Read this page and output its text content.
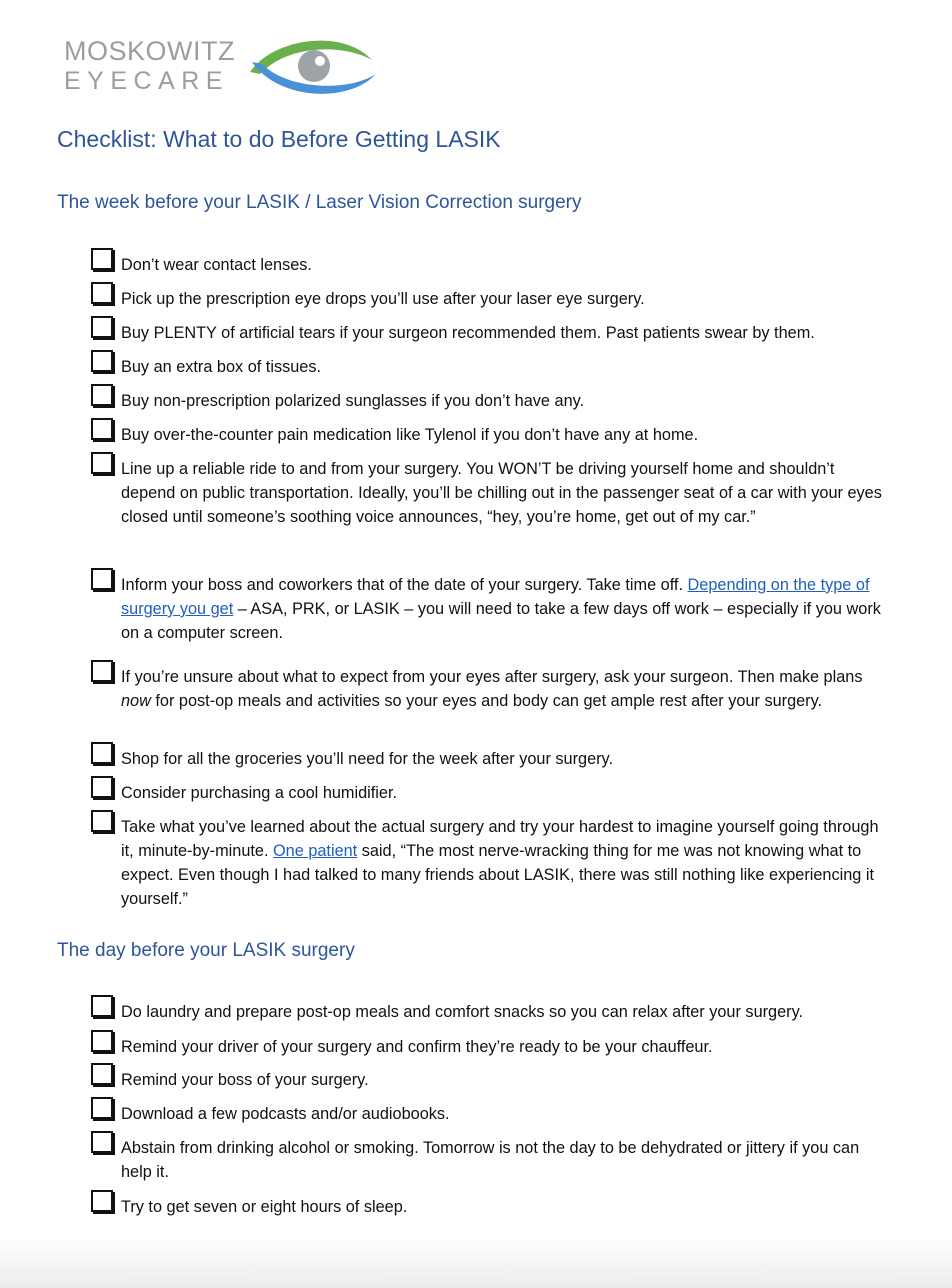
MOSKOWITZ
EYECARE
Checklist: What to do Before Getting LASIK
The week before your LASIK / Laser Vision Correction surgery
Don’t wear contact lenses.
Pick up the prescription eye drops you’ll use after your laser eye surgery.
Buy PLENTY of artificial tears if your surgeon recommended them. Past patients swear by them.
Buy an extra box of tissues.
Buy non-prescription polarized sunglasses if you don’t have any.
Buy over-the-counter pain medication like Tylenol if you don’t have any at home.
Line up a reliable ride to and from your surgery. You WON’T be driving yourself home and shouldn’t depend on public transportation. Ideally, you’ll be chilling out in the passenger seat of a car with your eyes closed until someone’s soothing voice announces, “hey, you’re home, get out of my car.”
Inform your boss and coworkers that of the date of your surgery. Take time off. Depending on the type of surgery you get – ASA, PRK, or LASIK – you will need to take a few days off work – especially if you work on a computer screen.
If you’re unsure about what to expect from your eyes after surgery, ask your surgeon. Then make plans now for post-op meals and activities so your eyes and body can get ample rest after your surgery.
Shop for all the groceries you’ll need for the week after your surgery.
Consider purchasing a cool humidifier.
Take what you’ve learned about the actual surgery and try your hardest to imagine yourself going through it, minute-by-minute. One patient said, “The most nerve-wracking thing for me was not knowing what to expect. Even though I had talked to many friends about LASIK, there was still nothing like experiencing it yourself.”
The day before your LASIK surgery
Do laundry and prepare post-op meals and comfort snacks so you can relax after your surgery.
Remind your driver of your surgery and confirm they’re ready to be your chauffeur.
Remind your boss of your surgery.
Download a few podcasts and/or audiobooks.
Abstain from drinking alcohol or smoking. Tomorrow is not the day to be dehydrated or jittery if you can help it.
Try to get seven or eight hours of sleep.
